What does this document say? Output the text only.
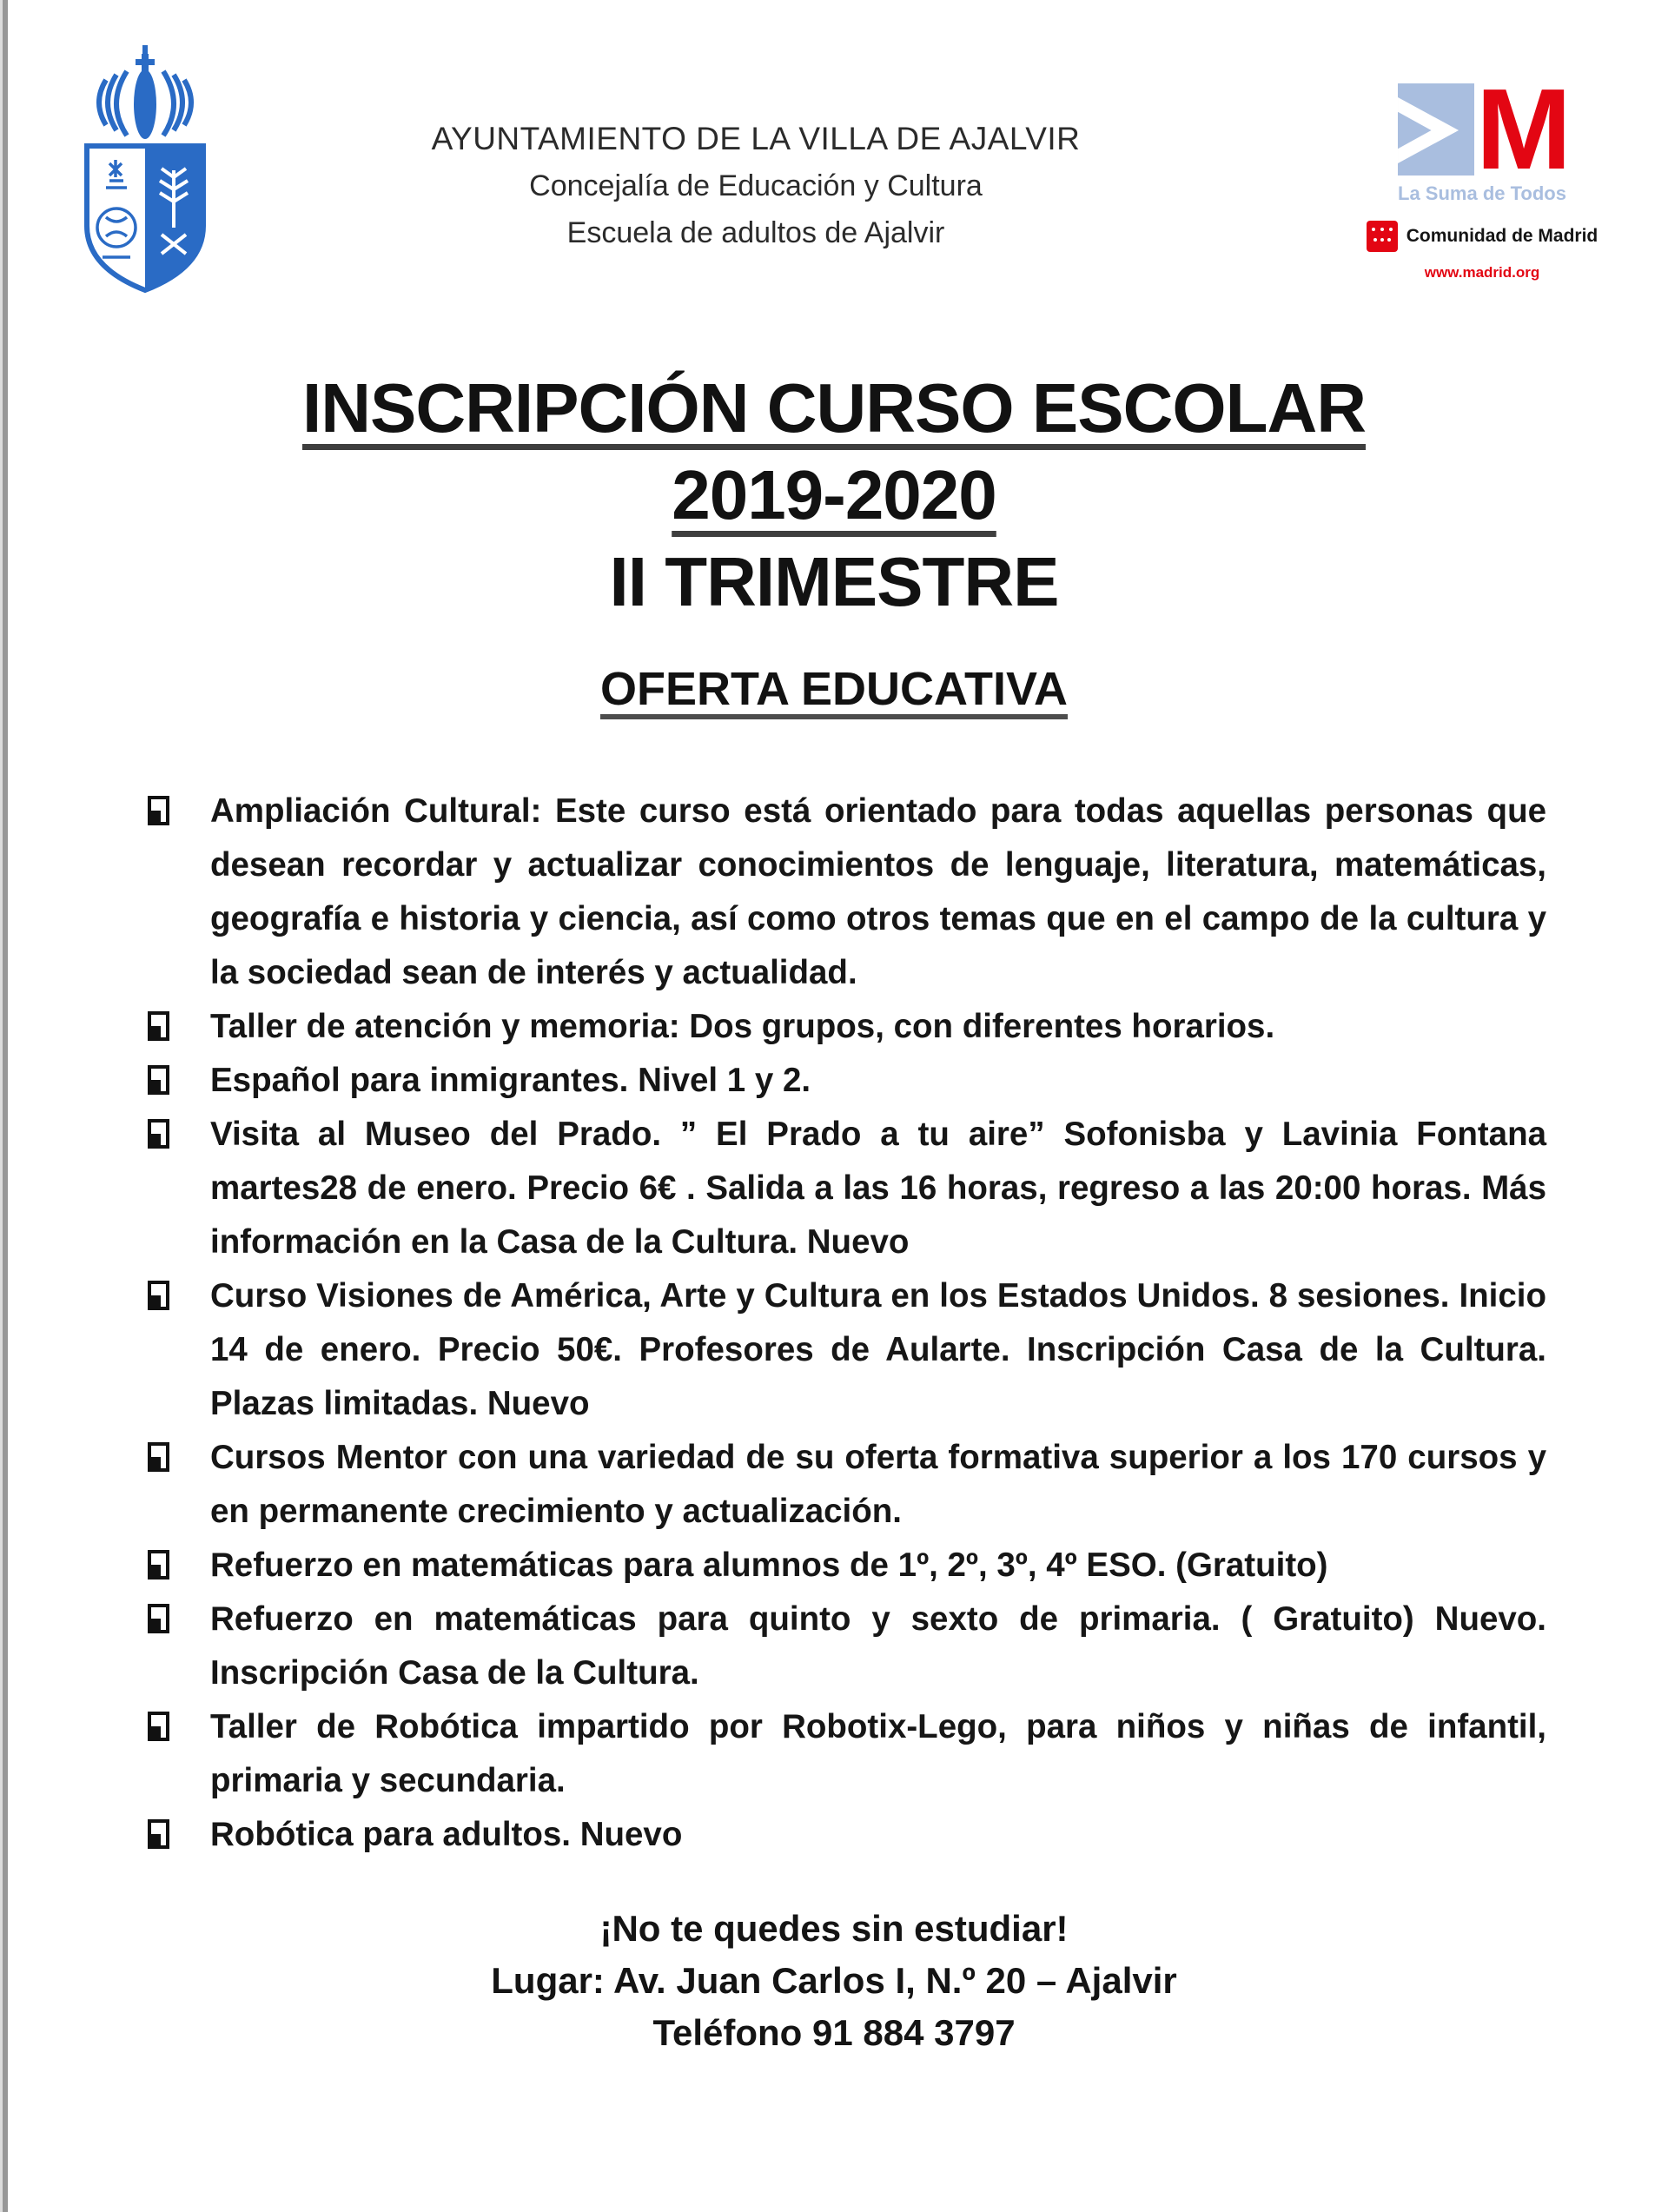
AYUNTAMIENTO DE LA VILLA DE AJALVIR
Concejalía de Educación y Cultura
Escuela de adultos de Ajalvir
M
La Suma de Todos
Comunidad de Madrid
www.madrid.org
INSCRIPCIÓN CURSO ESCOLAR
2019-2020
II TRIMESTRE
OFERTA EDUCATIVA
Ampliación Cultural: Este curso está orientado para todas aquellas personas que desean recordar y actualizar conocimientos de lenguaje, literatura, matemáticas, geografía e historia y ciencia, así como otros temas que en el campo de la cultura y la sociedad sean de interés y actualidad.
Taller de atención y memoria: Dos grupos, con diferentes horarios.
Español para inmigrantes. Nivel 1 y 2.
Visita al Museo del Prado. ” El Prado a tu aire” Sofonisba y Lavinia Fontana martes28 de enero. Precio 6€ . Salida a las 16 horas, regreso a las 20:00 horas. Más información en la Casa de la Cultura. Nuevo
Curso Visiones de América, Arte y Cultura en los Estados Unidos. 8 sesiones. Inicio 14 de enero. Precio 50€. Profesores de Aularte. Inscripción Casa de la Cultura. Plazas limitadas. Nuevo
Cursos Mentor con una variedad de su oferta formativa superior a los 170 cursos y en permanente crecimiento y actualización.
Refuerzo en matemáticas para alumnos de 1º, 2º, 3º, 4º ESO. (Gratuito)
Refuerzo en matemáticas para quinto y sexto de primaria. ( Gratuito) Nuevo. Inscripción Casa de la Cultura.
Taller de Robótica impartido por Robotix-Lego, para niños y niñas de infantil, primaria y secundaria.
Robótica para adultos. Nuevo
¡No te quedes sin estudiar!
Lugar: Av. Juan Carlos I, N.º 20 – Ajalvir
Teléfono 91 884 3797
